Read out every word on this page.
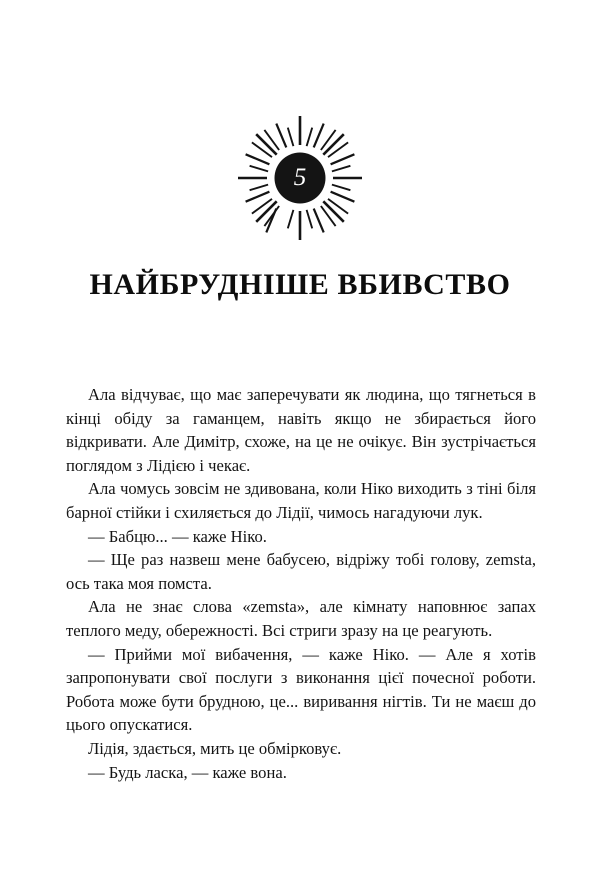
5
НАЙБРУДНІШЕ ВБИВСТВО

Ала відчуває, що має заперечувати як людина, що тягнеться в кінці обіду за гаманцем, навіть якщо не збирається його відкривати. Але Димітр, схоже, на це не очікує. Він зустрічається поглядом з Лідією і чекає.

Ала чомусь зовсім не здивована, коли Ніко виходить з тіні біля барної стійки і схиляється до Лідії, чимось нагадуючи лук.

— Бабцю... — каже Ніко.

— Ще раз назвеш мене бабусею, відріжу тобі голову, zemsta, ось така моя помста.

Ала не знає слова «zemsta», але кімнату наповнює запах теплого меду, обережності. Всі стриги зразу на це реагують.

— Прийми мої вибачення, — каже Ніко. — Але я хотів запропонувати свої послуги з виконання цієї почесної роботи. Робота може бути брудною, це... виривання нігтів. Ти не маєш до цього опускатися.

Лідія, здається, мить це обмірковує.

— Будь ласка, — каже вона.
